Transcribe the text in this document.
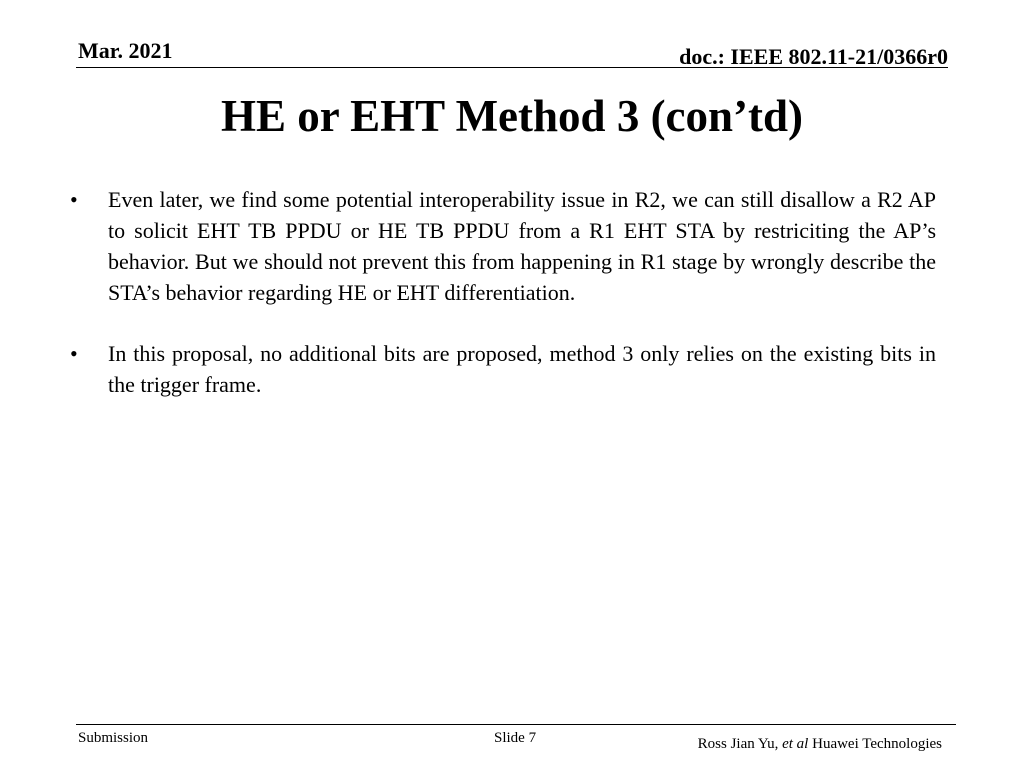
Mar. 2021	doc.: IEEE 802.11-21/0366r0
HE or EHT Method 3 (con’td)
•	Even later, we find some potential interoperability issue in R2, we can still disallow a R2 AP to solicit EHT TB PPDU or HE TB PPDU from a R1 EHT STA by restriciting the AP’s behavior. But we should not prevent this from happening in R1 stage by wrongly describe the STA’s behavior regarding HE or EHT differentiation.
•	In this proposal, no additional bits are proposed, method 3 only relies on the existing bits in the trigger frame.
Submission	Slide 7	Ross Jian Yu, et al Huawei Technologies
